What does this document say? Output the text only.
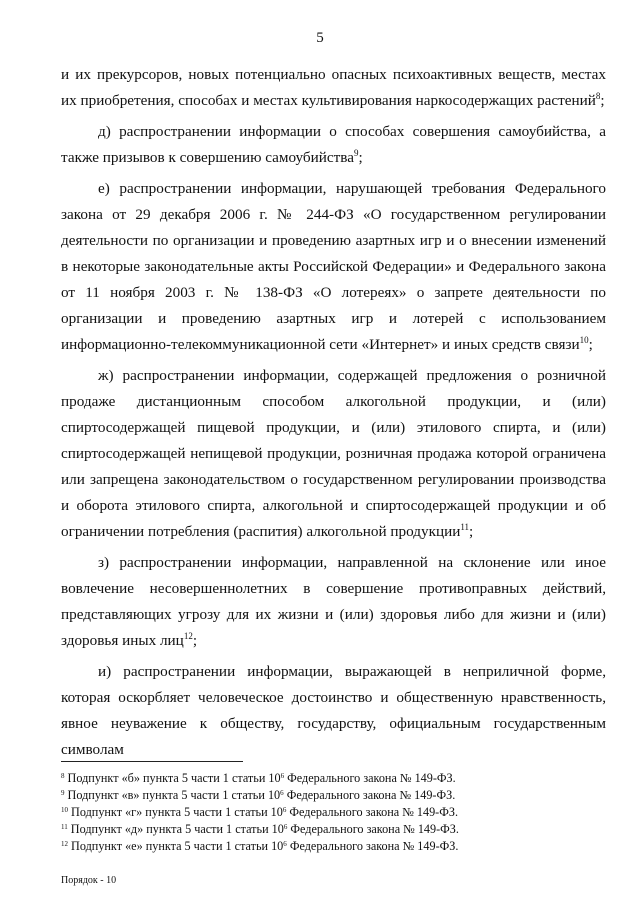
5

и их прекурсоров, новых потенциально опасных психоактивных веществ, местах их приобретения, способах и местах культивирования наркосодержащих растений$^8$;

д) распространении информации о способах совершения самоубийства, а также призывов к совершению самоубийства$^9$;

е) распространении информации, нарушающей требования Федерального закона от 29 декабря 2006 г. № 244-ФЗ «О государственном регулировании деятельности по организации и проведению азартных игр и о внесении изменений в некоторые законодательные акты Российской Федерации» и Федерального закона от 11 ноября 2003 г. № 138-ФЗ «О лотереях» о запрете деятельности по организации и проведению азартных игр и лотерей с использованием информационно-телекоммуникационной сети «Интернет» и иных средств связи$^{10}$;

ж) распространении информации, содержащей предложения о розничной продаже дистанционным способом алкогольной продукции, и (или) спиртосодержащей пищевой продукции, и (или) этилового спирта, и (или) спиртосодержащей непищевой продукции, розничная продажа которой ограничена или запрещена законодательством о государственном регулировании производства и оборота этилового спирта, алкогольной и спиртосодержащей продукции и об ограничении потребления (распития) алкогольной продукции$^{11}$;

з) распространении информации, направленной на склонение или иное вовлечение несовершеннолетних в совершение противоправных действий, представляющих угрозу для их жизни и (или) здоровья либо для жизни и (или) здоровья иных лиц$^{12}$;

и) распространении информации, выражающей в неприличной форме, которая оскорбляет человеческое достоинство и общественную нравственность, явное неуважение к обществу, государству, официальным государственным символам

$^8$ Подпункт «б» пункта 5 части 1 статьи $10^6$ Федерального закона № 149-ФЗ.

$^9$ Подпункт «в» пункта 5 части 1 статьи $10^6$ Федерального закона № 149-ФЗ.

$^{10}$ Подпункт «г» пункта 5 части 1 статьи $10^6$ Федерального закона № 149-ФЗ.

$^{11}$ Подпункт «д» пункта 5 части 1 статьи $10^6$ Федерального закона № 149-ФЗ.

$^{12}$ Подпункт «е» пункта 5 части 1 статьи $10^6$ Федерального закона № 149-ФЗ.

Порядок - 10
